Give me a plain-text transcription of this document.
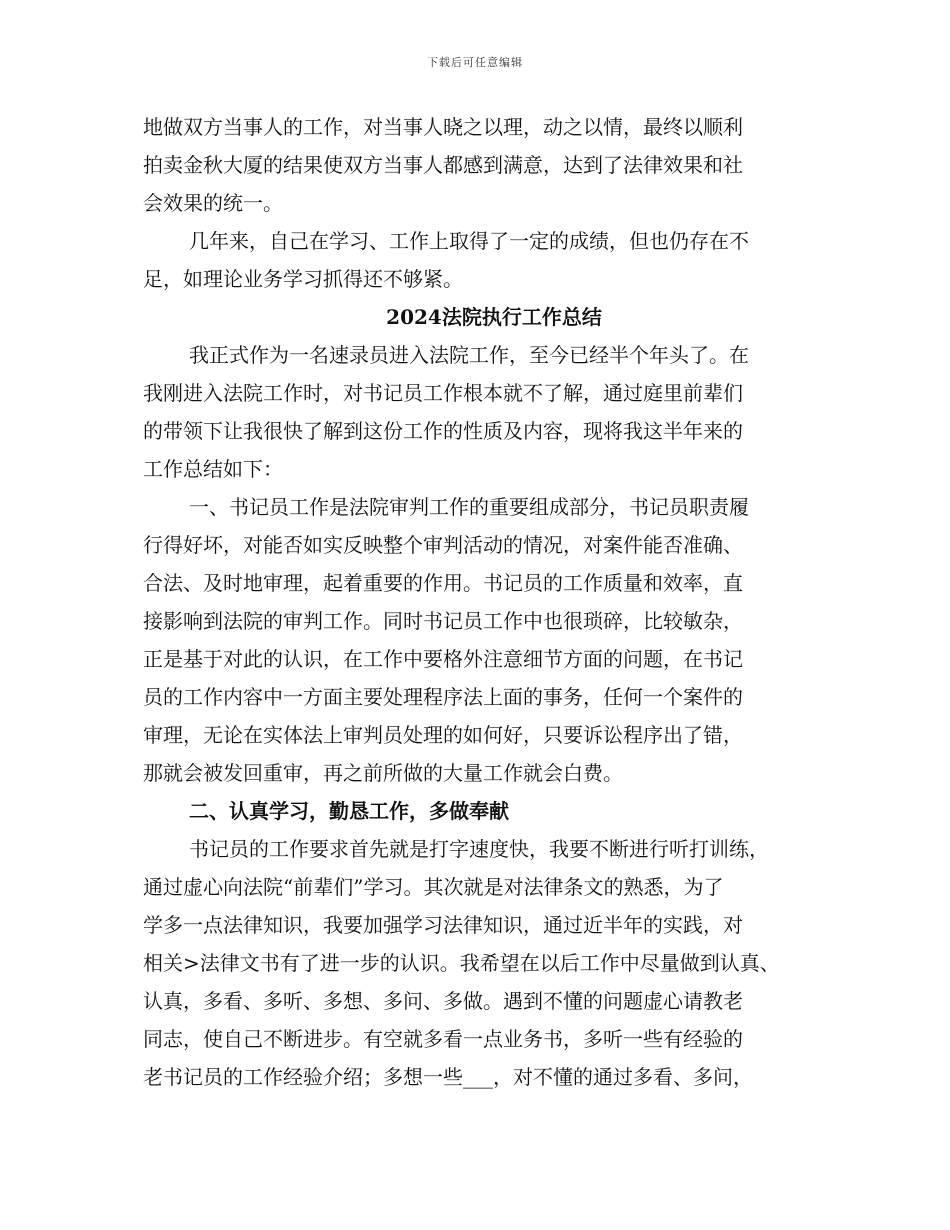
下载后可任意编辑
地做双方当事人的工作，对当事人晓之以理，动之以情，最终以顺利
拍卖金秋大厦的结果使双方当事人都感到满意，达到了法律效果和社
会效果的统一。
几年来，自己在学习、工作上取得了一定的成绩，但也仍存在不
足，如理论业务学习抓得还不够紧。
2024法院执行工作总结
我正式作为一名速录员进入法院工作，至今已经半个年头了。在
我刚进入法院工作时，对书记员工作根本就不了解，通过庭里前辈们
的带领下让我很快了解到这份工作的性质及内容，现将我这半年来的
工作总结如下：
一、书记员工作是法院审判工作的重要组成部分，书记员职责履
行得好坏，对能否如实反映整个审判活动的情况，对案件能否准确、
合法、及时地审理，起着重要的作用。书记员的工作质量和效率，直
接影响到法院的审判工作。同时书记员工作中也很琐碎，比较敏杂，
正是基于对此的认识，在工作中要格外注意细节方面的问题，在书记
员的工作内容中一方面主要处理程序法上面的事务，任何一个案件的
审理，无论在实体法上审判员处理的如何好，只要诉讼程序出了错，
那就会被发回重审，再之前所做的大量工作就会白费。
二、认真学习，勤恳工作，多做奉献
书记员的工作要求首先就是打字速度快，我要不断进行听打训练，
通过虚心向法院“前辈们”学习。其次就是对法律条文的熟悉，为了
学多一点法律知识，我要加强学习法律知识，通过近半年的实践，对
相关>法律文书有了进一步的认识。我希望在以后工作中尽量做到认真、
认真，多看、多听、多想、多问、多做。遇到不懂的问题虚心请教老
同志，使自己不断进步。有空就多看一点业务书，多听一些有经验的
老书记员的工作经验介绍；多想一些___，对不懂的通过多看、多问，
